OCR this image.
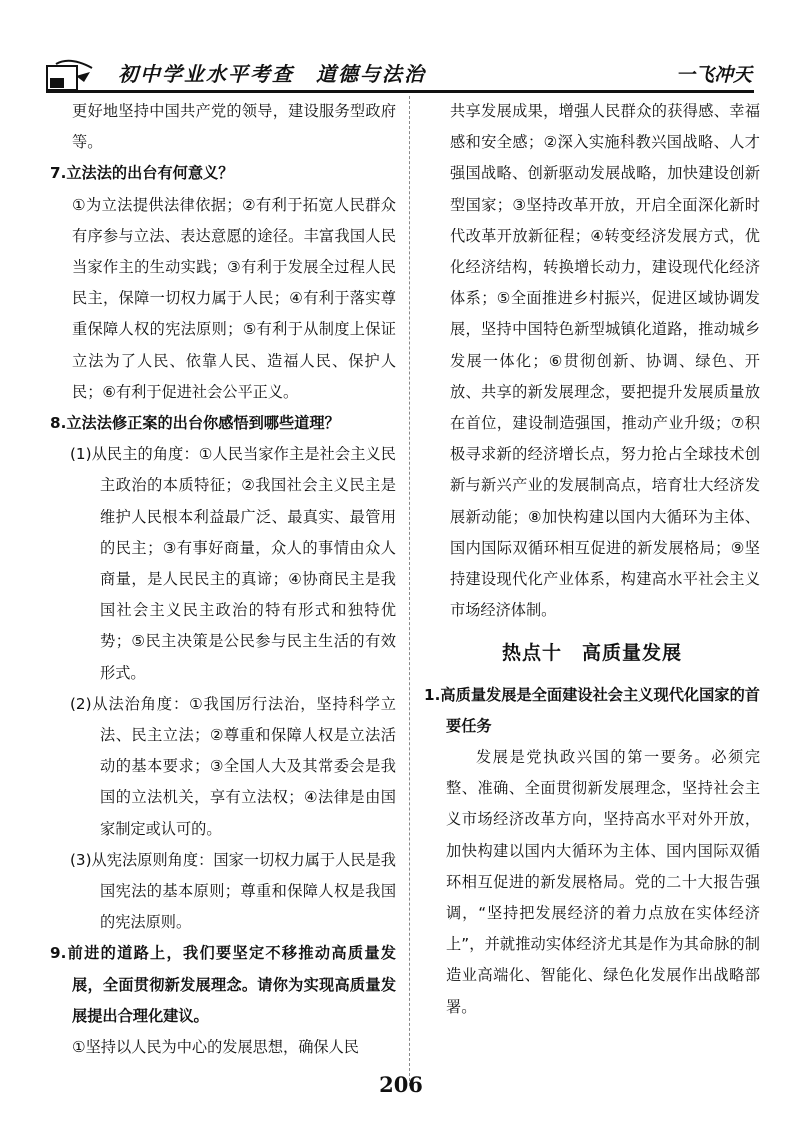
初中学业水平考查　道德与法治	一飞冲天

更好地坚持中国共产党的领导，建设服务型政府等。

7.立法法的出台有何意义？

①为立法提供法律依据；②有利于拓宽人民群众有序参与立法、表达意愿的途径。丰富我国人民当家作主的生动实践；③有利于发展全过程人民民主，保障一切权力属于人民；④有利于落实尊重保障人权的宪法原则；⑤有利于从制度上保证立法为了人民、依靠人民、造福人民、保护人民；⑥有利于促进社会公平正义。

8.立法法修正案的出台你感悟到哪些道理？

(1)从民主的角度：①人民当家作主是社会主义民主政治的本质特征；②我国社会主义民主是维护人民根本利益最广泛、最真实、最管用的民主；③有事好商量，众人的事情由众人商量，是人民民主的真谛；④协商民主是我国社会主义民主政治的特有形式和独特优势；⑤民主决策是公民参与民主生活的有效形式。

(2)从法治角度：①我国厉行法治，坚持科学立法、民主立法；②尊重和保障人权是立法活动的基本要求；③全国人大及其常委会是我国的立法机关，享有立法权；④法律是由国家制定或认可的。

(3)从宪法原则角度：国家一切权力属于人民是我国宪法的基本原则；尊重和保障人权是我国的宪法原则。

9.前进的道路上，我们要坚定不移推动高质量发展，全面贯彻新发展理念。请你为实现高质量发展提出合理化建议。

①坚持以人民为中心的发展思想，确保人民

共享发展成果，增强人民群众的获得感、幸福感和安全感；②深入实施科教兴国战略、人才强国战略、创新驱动发展战略，加快建设创新型国家；③坚持改革开放，开启全面深化新时代改革开放新征程；④转变经济发展方式，优化经济结构，转换增长动力，建设现代化经济体系；⑤全面推进乡村振兴，促进区域协调发展，坚持中国特色新型城镇化道路，推动城乡发展一体化；⑥贯彻创新、协调、绿色、开放、共享的新发展理念，要把提升发展质量放在首位，建设制造强国，推动产业升级；⑦积极寻求新的经济增长点，努力抢占全球技术创新与新兴产业的发展制高点，培育壮大经济发展新动能；⑧加快构建以国内大循环为主体、国内国际双循环相互促进的新发展格局；⑨坚持建设现代化产业体系，构建高水平社会主义市场经济体制。

热点十　高质量发展

1.高质量发展是全面建设社会主义现代化国家的首要任务

发展是党执政兴国的第一要务。必须完整、准确、全面贯彻新发展理念，坚持社会主义市场经济改革方向，坚持高水平对外开放，加快构建以国内大循环为主体、国内国际双循环相互促进的新发展格局。党的二十大报告强调，“坚持把发展经济的着力点放在实体经济上”，并就推动实体经济尤其是作为其命脉的制造业高端化、智能化、绿色化发展作出战略部署。

206
